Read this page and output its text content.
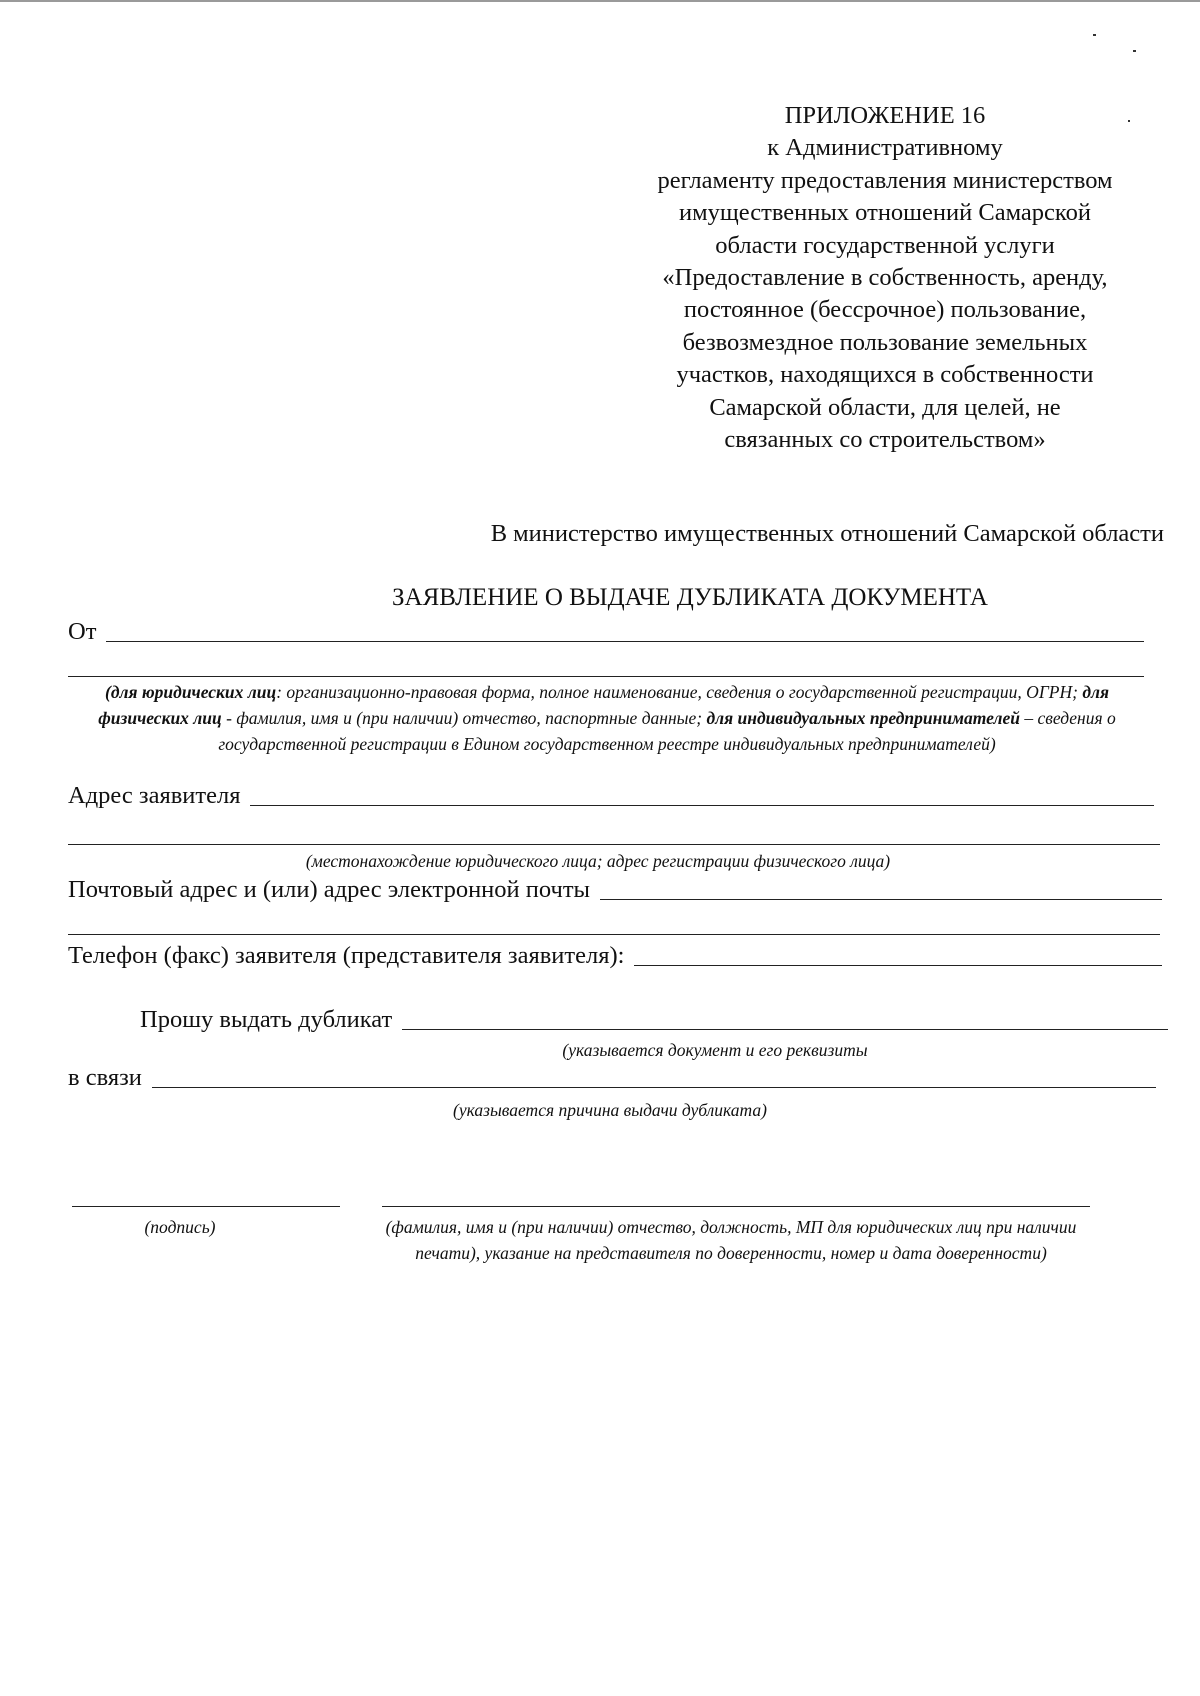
ПРИЛОЖЕНИЕ 16
к Административному
регламенту предоставления министерством
имущественных отношений Самарской
области государственной услуги
«Предоставление в собственность, аренду,
постоянное (бессрочное) пользование,
безвозмездное пользование земельных
участков, находящихся в собственности
Самарской области, для целей, не
связанных со строительством»
В министерство имущественных отношений Самарской области
ЗАЯВЛЕНИЕ О ВЫДАЧЕ ДУБЛИКАТА ДОКУМЕНТА
От
(для юридических лиц: организационно-правовая форма, полное наименование, сведения о государственной регистрации, ОГРН; для физических лиц - фамилия, имя и (при наличии) отчество, паспортные данные; для индивидуальных предпринимателей – сведения о государственной регистрации в Едином государственном реестре индивидуальных предпринимателей)
Адрес заявителя
(местонахождение юридического лица; адрес регистрации физического лица)
Почтовый адрес и (или) адрес электронной почты
Телефон (факс) заявителя (представителя заявителя):
Прошу выдать дубликат
(указывается документ и его реквизиты
в связи
(указывается причина выдачи дубликата)
(подпись)	(фамилия, имя и (при наличии) отчество, должность, МП для юридических лиц при наличии печати), указание на представителя по доверенности, номер и дата доверенности)
